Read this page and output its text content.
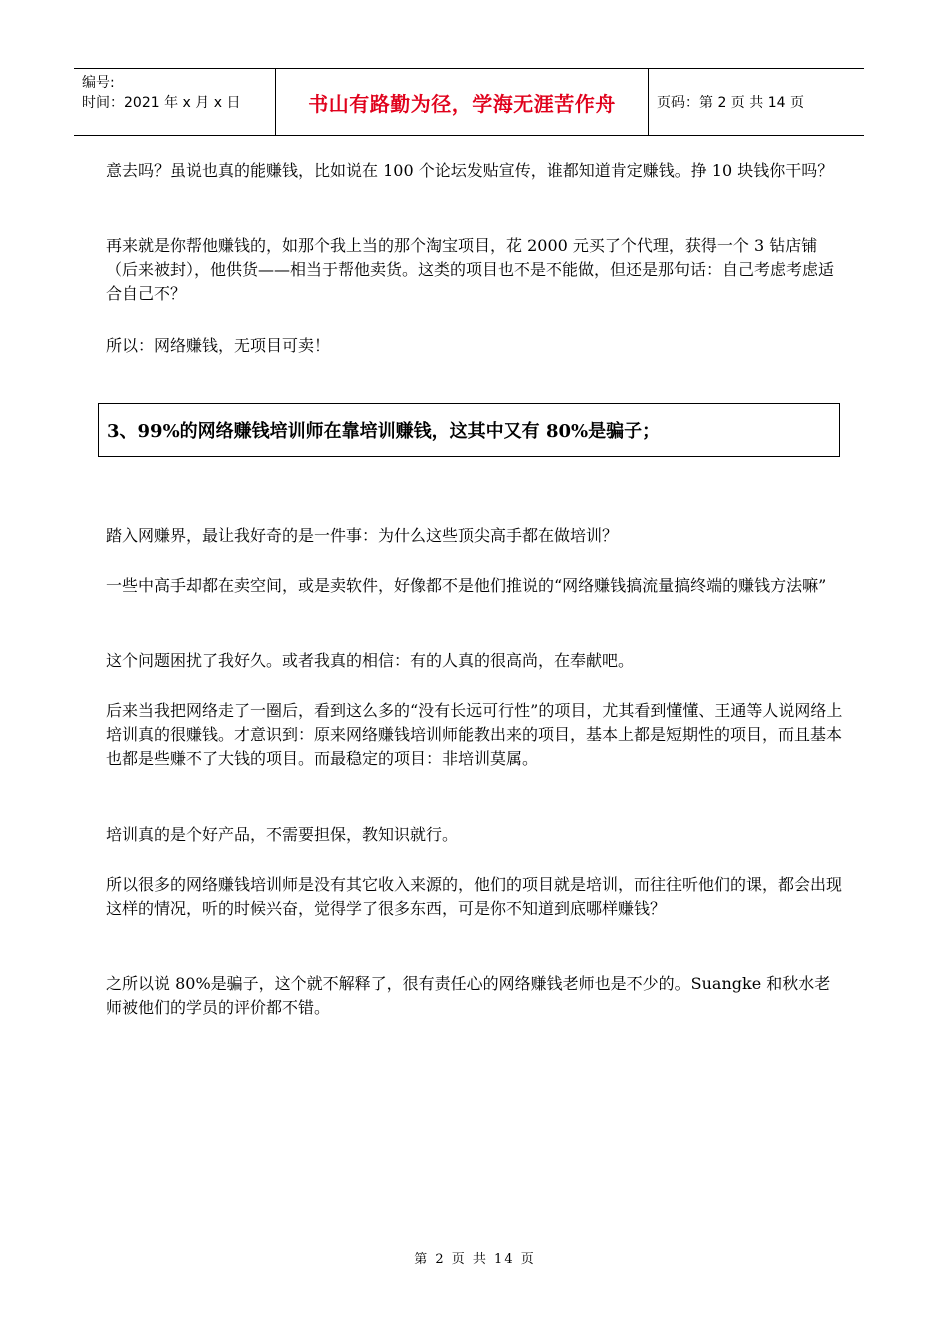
编号:
时间：2021 年 x 月 x 日	书山有路勤为径，学海无涯苦作舟	页码：第 2 页 共 14 页

意去吗？虽说也真的能赚钱，比如说在 100 个论坛发贴宣传，谁都知道肯定赚钱。挣 10 块钱你干吗？

再来就是你帮他赚钱的，如那个我上当的那个淘宝项目，花 2000 元买了个代理，获得一个 3 钻店铺（后来被封），他供货——相当于帮他卖货。这类的项目也不是不能做，但还是那句话：自己考虑考虑适合自己不？

所以：网络赚钱，无项目可卖！

3、99%的网络赚钱培训师在靠培训赚钱，这其中又有 80%是骗子；

踏入网赚界，最让我好奇的是一件事：为什么这些顶尖高手都在做培训？

一些中高手却都在卖空间，或是卖软件，好像都不是他们推说的“网络赚钱搞流量搞终端的赚钱方法嘛”

这个问题困扰了我好久。或者我真的相信：有的人真的很高尚，在奉献吧。

后来当我把网络走了一圈后，看到这么多的“没有长远可行性”的项目，尤其看到懂懂、王通等人说网络上培训真的很赚钱。才意识到：原来网络赚钱培训师能教出来的项目，基本上都是短期性的项目，而且基本也都是些赚不了大钱的项目。而最稳定的项目：非培训莫属。

培训真的是个好产品，不需要担保，教知识就行。

所以很多的网络赚钱培训师是没有其它收入来源的，他们的项目就是培训，而往往听他们的课，都会出现这样的情况，听的时候兴奋，觉得学了很多东西，可是你不知道到底哪样赚钱？

之所以说 80%是骗子，这个就不解释了，很有责任心的网络赚钱老师也是不少的。Suangke 和秋水老师被他们的学员的评价都不错。

第 2 页 共 14 页
